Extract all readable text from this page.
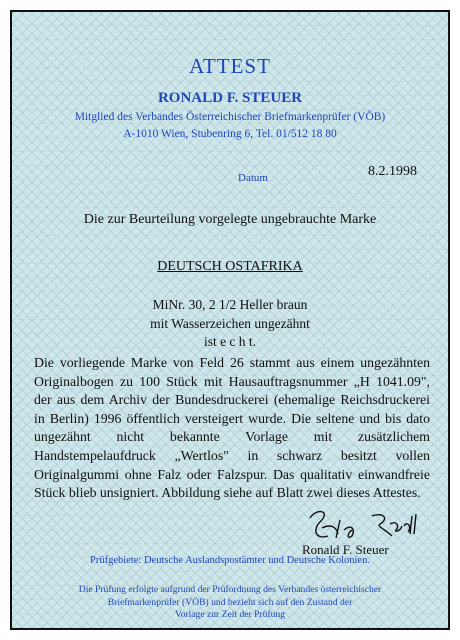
ATTEST
RONALD F. STEUER
Mitglied des Verbandes Österreichischer Briefmarkenprüfer (VÖB)
A-1010 Wien, Stubenring 6, Tel. 01/512 18 80
Datum	8.2.1998
Die zur Beurteilung vorgelegte ungebrauchte Marke
DEUTSCH OSTAFRIKA
MiNr. 30, 2 1/2 Heller braun
mit Wasserzeichen ungezähnt
ist e c h t.
Die vorliegende Marke von Feld 26 stammt aus einem ungezähnten Originalbogen zu 100 Stück mit Hausauftragsnummer „H 1041.09", der aus dem Archiv der Bundesdruckerei (ehemalige Reichsdruckerei in Berlin) 1996 öffentlich versteigert wurde. Die seltene und bis dato ungezähnt nicht bekannte Vorlage mit zusätzlichem Handstempelaufdruck „Wertlos" in schwarz besitzt vollen Originalgummi ohne Falz oder Falzspur. Das qualitativ einwandfreie Stück blieb unsigniert. Abbildung siehe auf Blatt zwei dieses Attestes.
Ronald F. Steuer
Prüfgebiete: Deutsche Auslandspostämter und Deutsche Kolonien.
Die Prüfung erfolgte aufgrund der Prüfordnung des Verbandes österreichischer
Briefmarkenprüfer (VÖB) und bezieht sich auf den Zustand der
Vorlage zur Zeit der Prüfung
